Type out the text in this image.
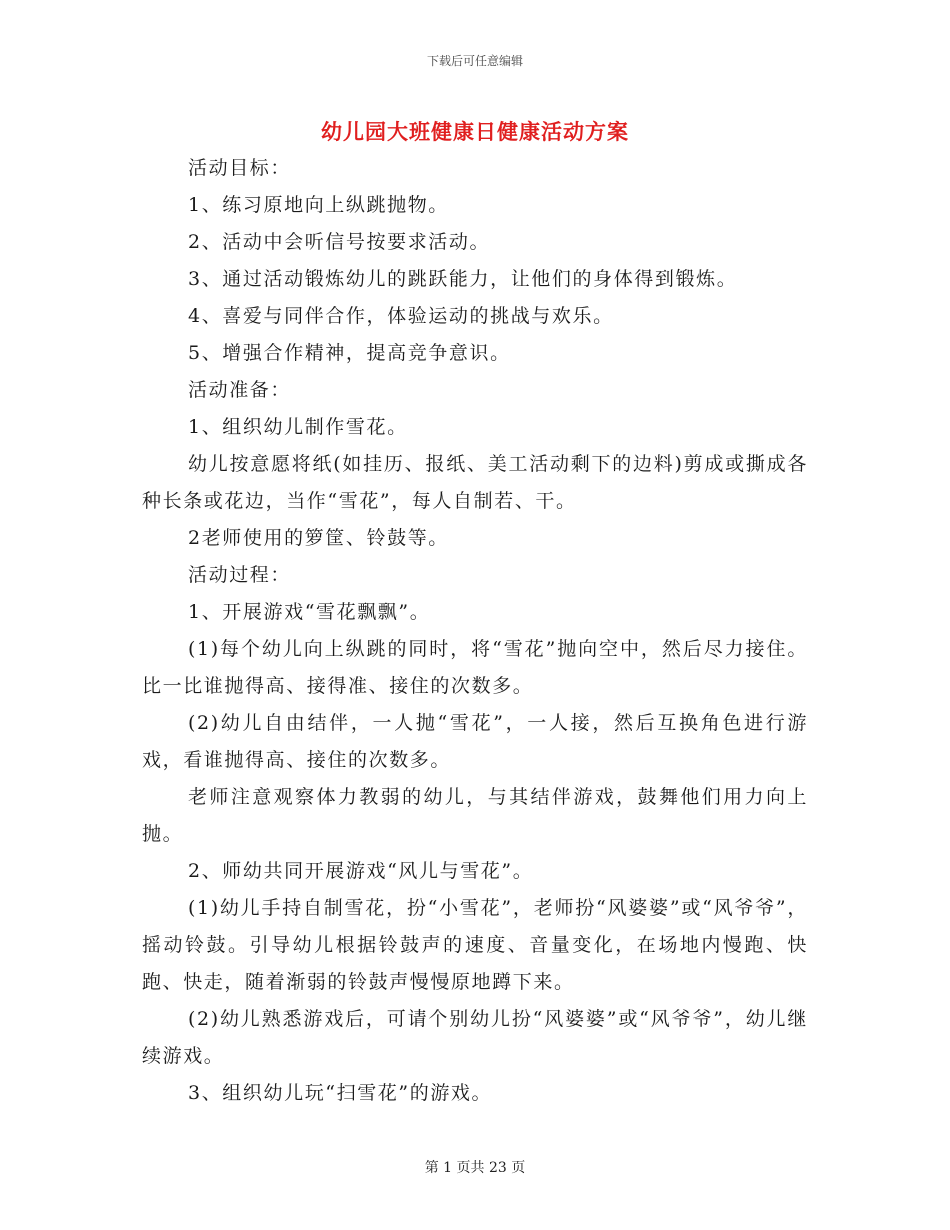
下载后可任意编辑
幼儿园大班健康日健康活动方案

活动目标：

1、练习原地向上纵跳抛物。

2、活动中会听信号按要求活动。

3、通过活动锻炼幼儿的跳跃能力，让他们的身体得到锻炼。

4、喜爱与同伴合作，体验运动的挑战与欢乐。

5、增强合作精神，提高竞争意识。

活动准备：

1、组织幼儿制作雪花。

幼儿按意愿将纸(如挂历、报纸、美工活动剩下的边料)剪成或撕成各种长条或花边，当作“雪花”，每人自制若、干。

2老师使用的箩筐、铃鼓等。

活动过程：

1、开展游戏“雪花飘飘”。

(1)每个幼儿向上纵跳的同时，将“雪花”抛向空中，然后尽力接住。比一比谁抛得高、接得准、接住的次数多。

(2)幼儿自由结伴，一人抛“雪花”，一人接，然后互换角色进行游戏，看谁抛得高、接住的次数多。

老师注意观察体力教弱的幼儿，与其结伴游戏，鼓舞他们用力向上抛。

2、师幼共同开展游戏“风儿与雪花”。

(1)幼儿手持自制雪花，扮“小雪花”，老师扮“风婆婆”或“风爷爷”，摇动铃鼓。引导幼儿根据铃鼓声的速度、音量变化，在场地内慢跑、快跑、快走，随着渐弱的铃鼓声慢慢原地蹲下来。

(2)幼儿熟悉游戏后，可请个别幼儿扮“风婆婆”或“风爷爷”，幼儿继续游戏。

3、组织幼儿玩“扫雪花”的游戏。

第 1 页共 23 页
